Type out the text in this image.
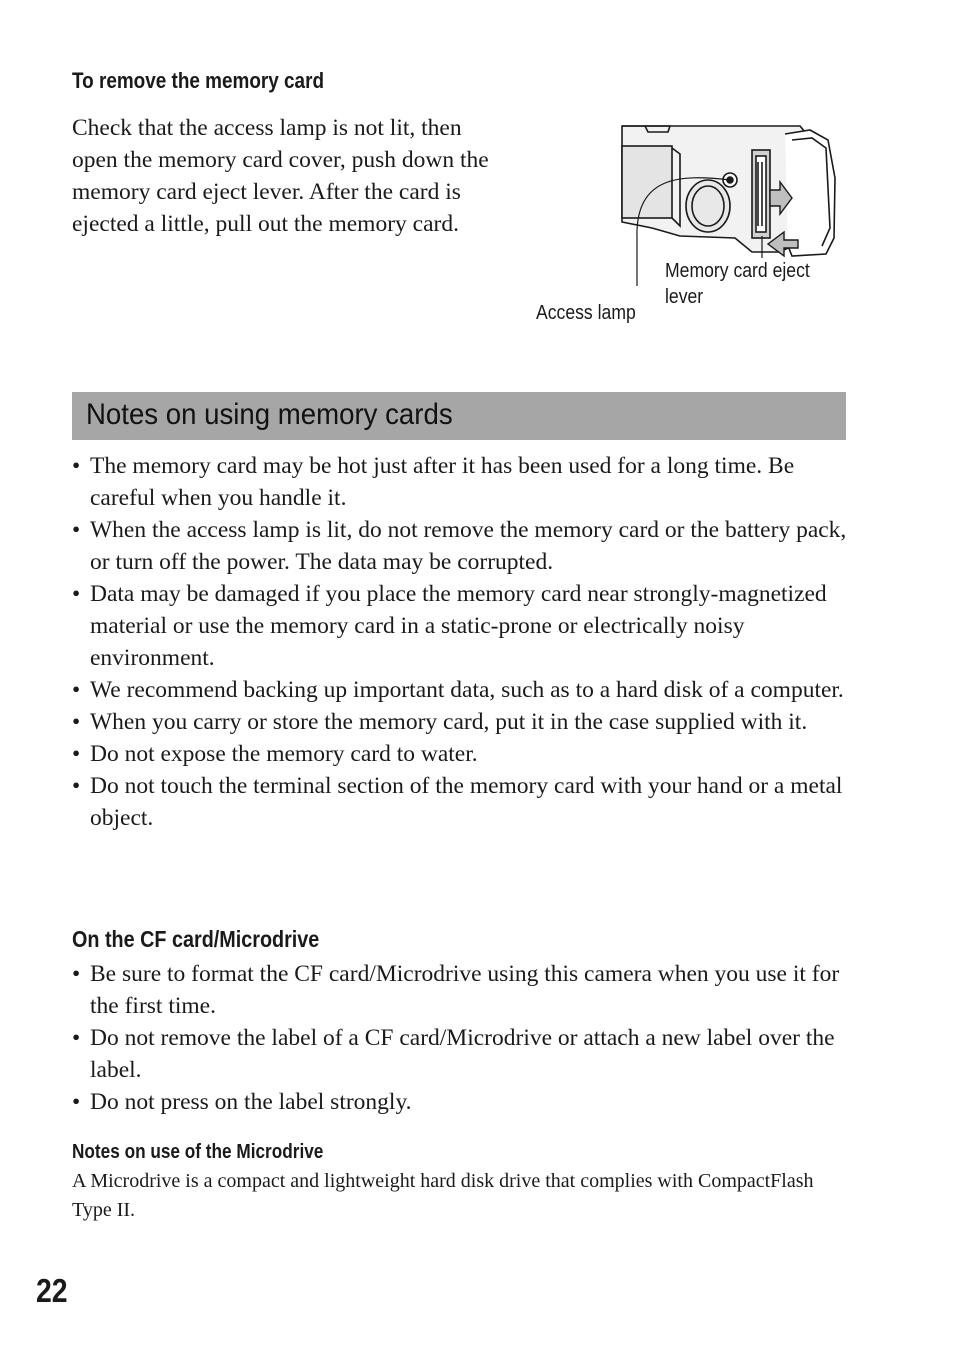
To remove the memory card

Check that the access lamp is not lit, then open the memory card cover, push down the memory card eject lever. After the card is ejected a little, pull out the memory card.

Memory card eject
lever
Access lamp
Notes on using memory cards
• The memory card may be hot just after it has been used for a long time. Be careful when you handle it.
• When the access lamp is lit, do not remove the memory card or the battery pack, or turn off the power. The data may be corrupted.
• Data may be damaged if you place the memory card near strongly-magnetized material or use the memory card in a static-prone or electrically noisy environment.
• We recommend backing up important data, such as to a hard disk of a computer.
• When you carry or store the memory card, put it in the case supplied with it.
• Do not expose the memory card to water.
• Do not touch the terminal section of the memory card with your hand or a metal object.
On the CF card/Microdrive
• Be sure to format the CF card/Microdrive using this camera when you use it for the first time.
• Do not remove the label of a CF card/Microdrive or attach a new label over the label.
• Do not press on the label strongly.
Notes on use of the Microdrive

A Microdrive is a compact and lightweight hard disk drive that complies with CompactFlash Type II.

22
